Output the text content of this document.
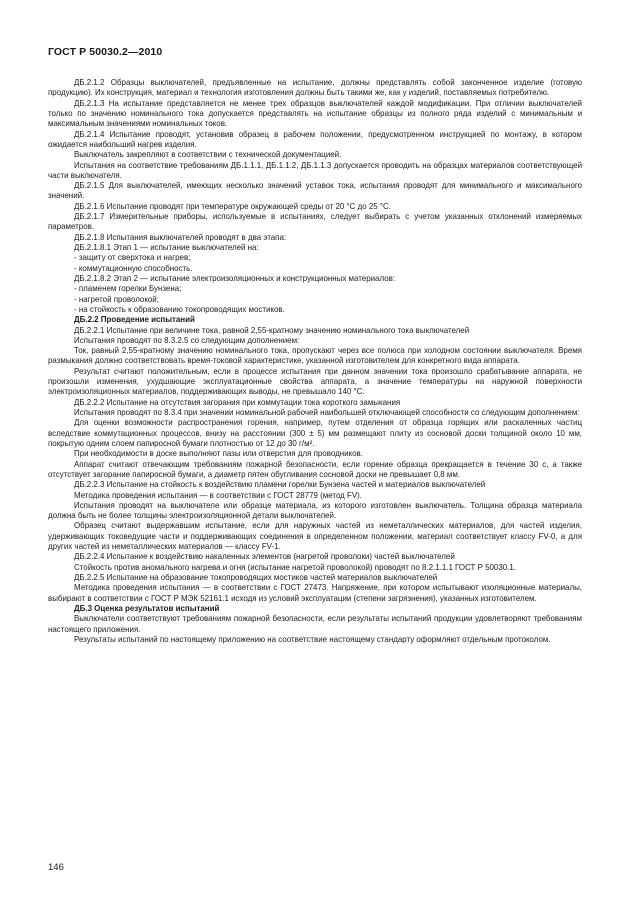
ГОСТ Р 50030.2—2010

ДБ.2.1.2 Образцы выключателей, предъявленные на испытание, должны представлять собой законченное изделие (готовую продукцию). Их конструкция, материал и технология изготовления должны быть такими же, как у изделий, поставляемых потребителю.

ДБ.2.1.3 На испытание представляется не менее трех образцов выключателей каждой модификации. При отличии выключателей только по значению номинального тока допускается представлять на испытание образцы из полного ряда изделий с минимальным и максимальным значениями номинальных токов.

ДБ.2.1.4 Испытание проводят, установив образец в рабочем положении, предусмотренном инструкцией по монтажу, в котором ожидается наибольший нагрев изделия.

Выключатель закрепляют в соответствии с технической документацией.

Испытания на соответствие требованиям ДБ.1.1.1, ДБ.1.1.2, ДБ.1.1.3 допускается проводить на образцах материалов соответствующей части выключателя.

ДБ.2.1.5 Для выключателей, имеющих несколько значений уставок тока, испытания проводят для минимального и максимального значений.

ДБ.2.1.6 Испытание проводят при температуре окружающей среды от 20 °С до 25 °С.

ДБ.2.1.7 Измерительные приборы, используемые в испытаниях, следует выбирать с учетом указанных отклонений измеряемых параметров.

ДБ.2.1.8 Испытания выключателей проводят в два этапа:

ДБ.2.1.8.1 Этап 1 — испытание выключателей на:

- защиту от сверхтока и нагрев;

- коммутационную способность.

ДБ.2.1.8.2 Этап 2 — испытание электроизоляционных и конструкционных материалов:

- пламенем горелки Бунзена;

- нагретой проволокой;

- на стойкость к образованию токопроводящих мостиков.

ДБ.2.2 Проведение испытаний

ДБ.2.2.1 Испытание при величине тока, равной 2,55-кратному значению номинального тока выключателей

Испытания проводят по 8.3.2.5 со следующим дополнением:

Ток, равный 2,55-кратному значению номинального тока, пропускают через все полюса при холодном состоянии выключателя. Время размыкания должно соответствовать время-токовой характеристике, указанной изготовителем для конкретного вида аппарата.

Результат считают положительным, если в процессе испытания при данном значении тока произошло срабатывание аппарата, не произошли изменения, ухудшающие эксплуатационные свойства аппарата, а значение температуры на наружной поверхности электроизоляционных материалов, поддерживающих выводы, не превышало 140 °С.

ДБ.2.2.2 Испытание на отсутствия загорания при коммутации тока короткого замыкания

Испытания проводят по 8.3.4 при значении номинальной рабочей наибольшей отключающей способности со следующим дополнением:

Для оценки возможности распространения горения, например, путем отделения от образца горящих или раскаленных частиц вследствие коммутационных процессов, внизу на расстоянии (300 ± 5) мм размещают плиту из сосновой доски толщиной около 10 мм, покрытую одним слоем папиросной бумаги плотностью от 12 до 30 г/м².

При необходимости в доске выполняют пазы или отверстия для проводников.

Аппарат считают отвечающим требованиям пожарной безопасности, если горение образца прекращается в течение 30 с, а также отсутствует загорание папиросной бумаги, а диаметр пятен обугливания сосновой доски не превышает 0,8 мм.

ДБ.2.2.3 Испытание на стойкость к воздействию пламени горелки Бунзена частей и материалов выключателей

Методика проведения испытания — в соответствии с ГОСТ 28779 (метод FV).

Испытания проводят на выключателе или образце материала, из которого изготовлен выключатель. Толщина образца материала должна быть не более толщины электроизоляционной детали выключателей.

Образец считают выдержавшим испытание, если для наружных частей из неметаллических материалов, для частей изделия, удерживающих токоведущие части и поддерживающих соединения в определенном положении, материал соответствует классу FV-0, а для других частей из неметаллических материалов — классу FV-1.

ДБ.2.2.4 Испытание к воздействию накаленных элементов (нагретой проволоки) частей выключателей

Стойкость против аномального нагрева и огня (испытание нагретой проволокой) проводят по 8.2.1.1.1 ГОСТ Р 50030.1.

ДБ.2.2.5 Испытание на образование токопроводящих мостиков частей материалов выключателей

Методика проведения испытания — в соответствии с ГОСТ 27473. Напряжение, при котором испытывают изоляционные материалы, выбирают в соответствии с ГОСТ Р МЭК 52161.1 исходя из условий эксплуатации (степени загрязнения), указанных изготовителем.

ДБ.3 Оценка результатов испытаний

Выключатели соответствуют требованиям пожарной безопасности, если результаты испытаний продукции удовлетворяют требованиям настоящего приложения.

Результаты испытаний по настоящему приложению на соответствие настоящему стандарту оформляют отдельным протоколом.

146
